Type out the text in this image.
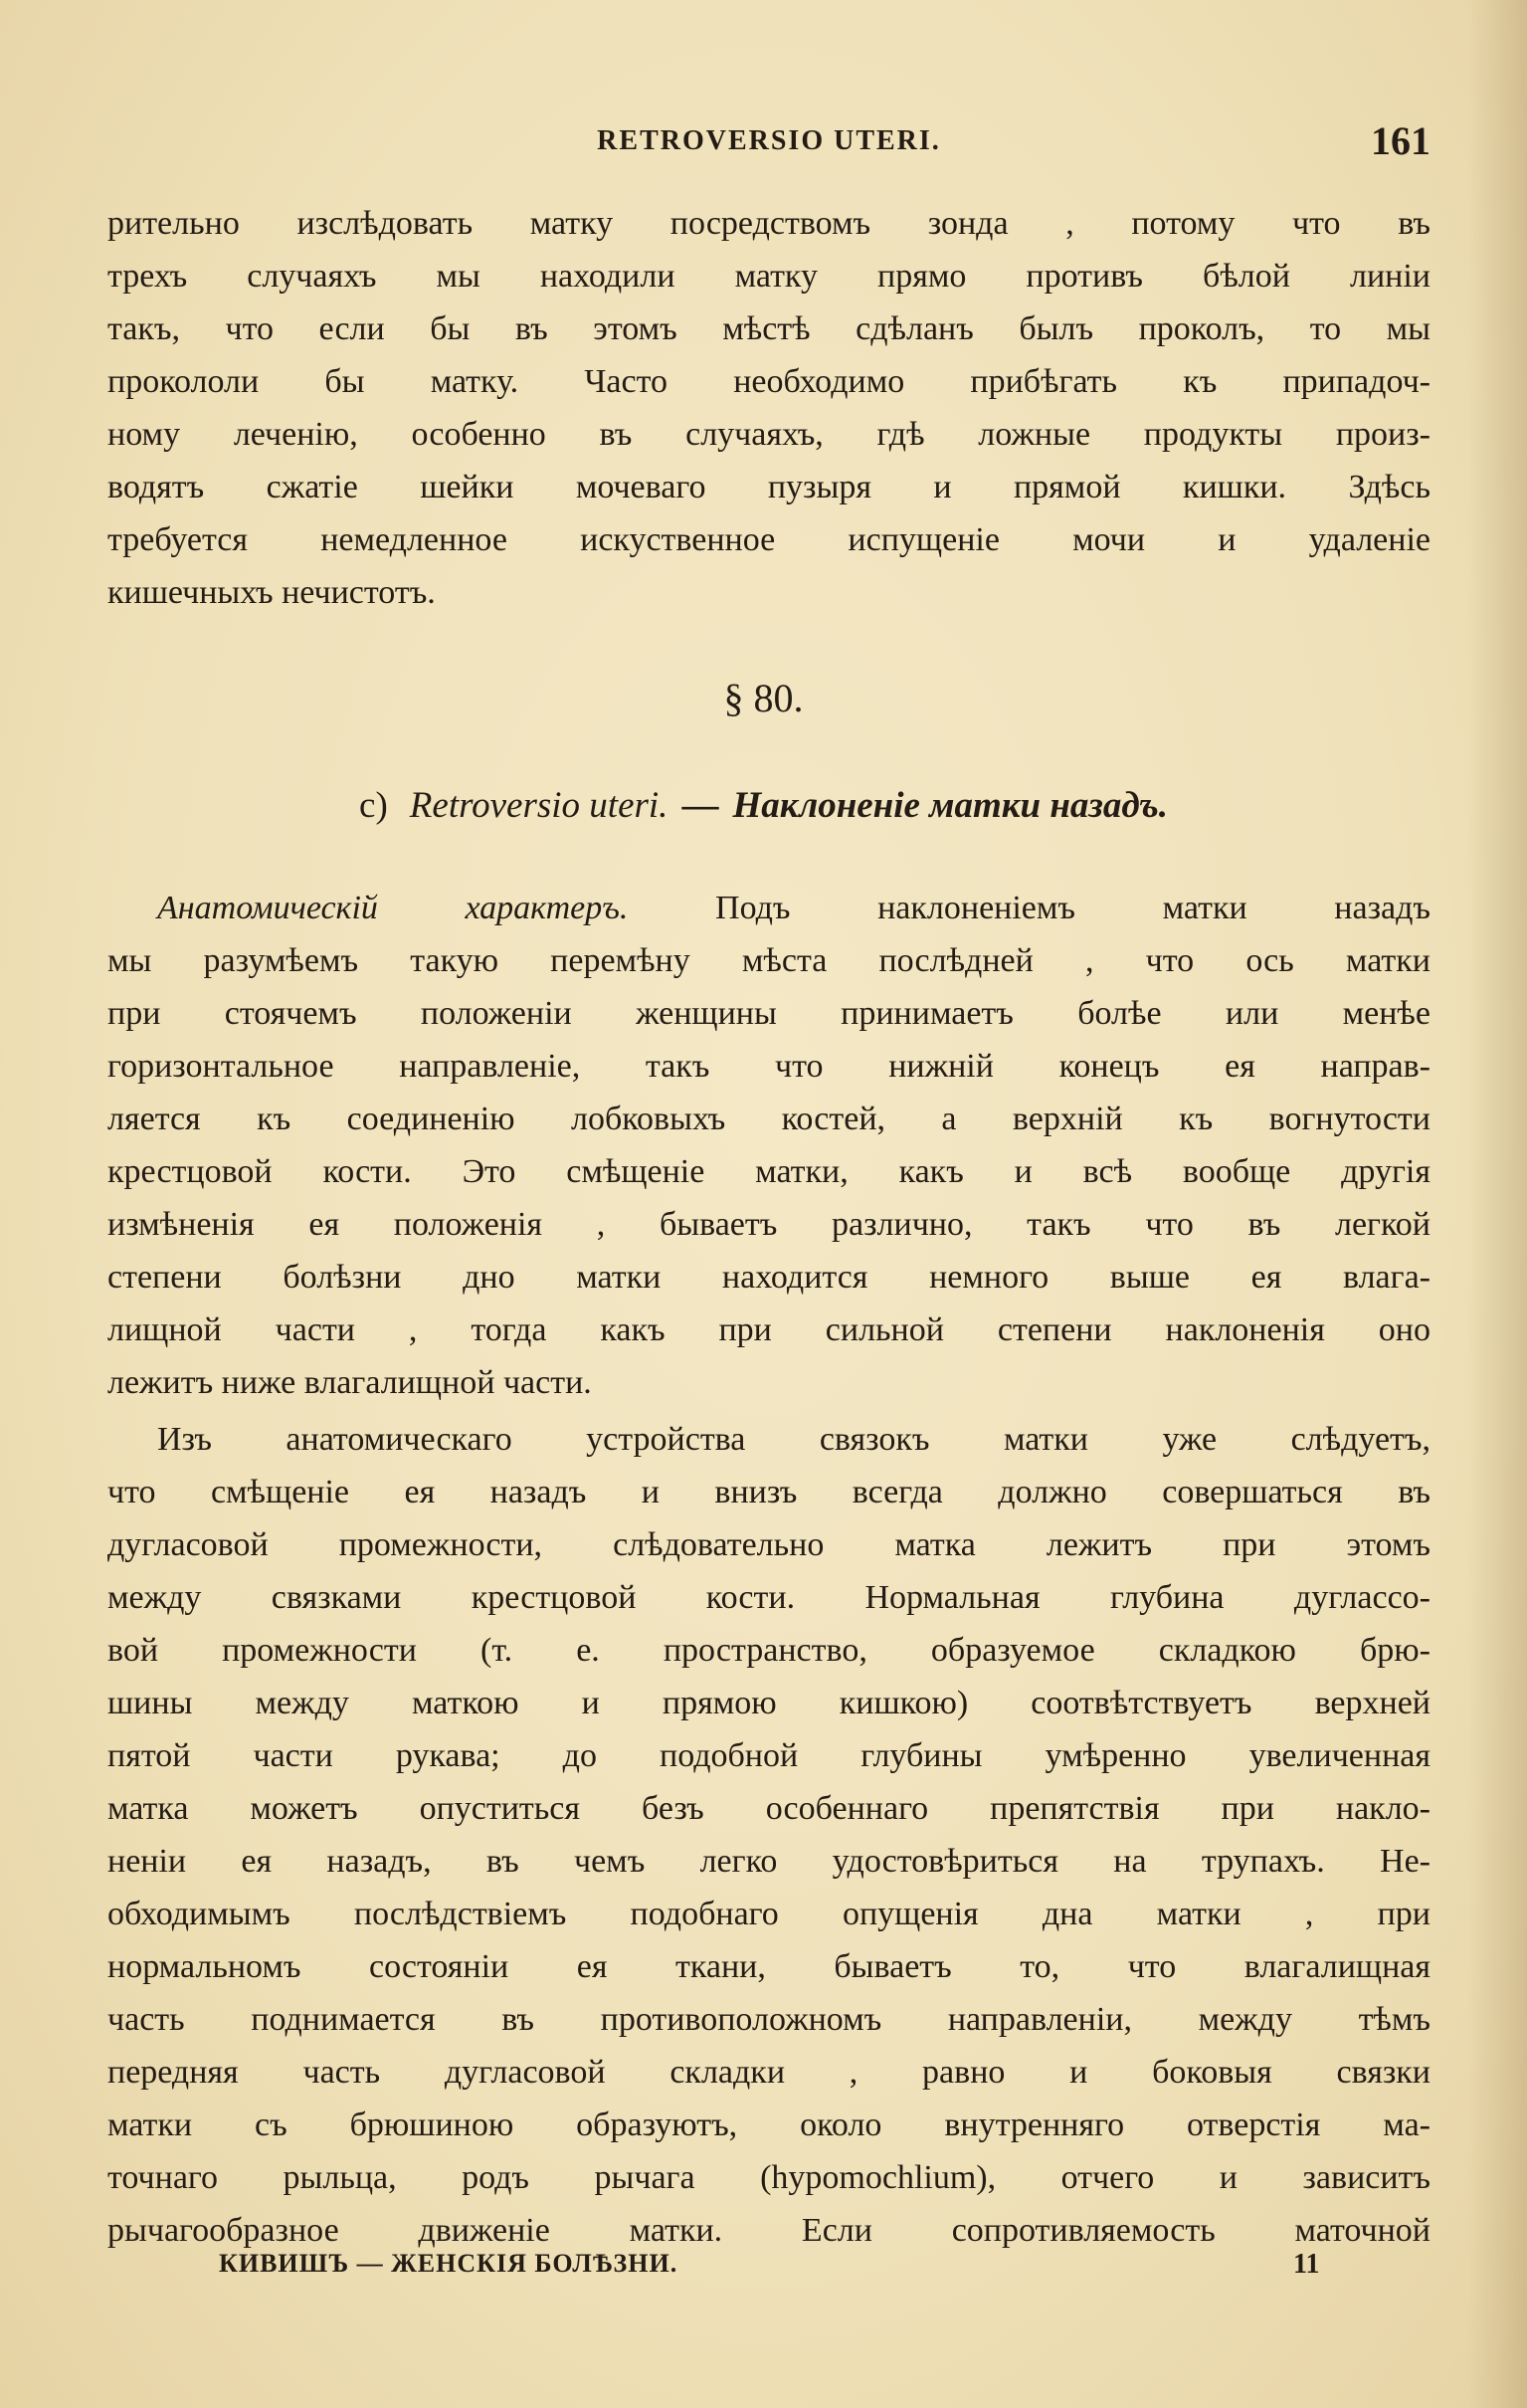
RETROVERSIO UTERI.	161
рительно изслѣдовать матку посредствомъ зонда , потому что въ
трехъ случаяхъ мы находили матку прямо противъ бѣлой линіи
такъ, что если бы въ этомъ мѣстѣ сдѣланъ былъ проколъ, то мы
прокололи бы матку. Часто необходимо прибѣгать къ припадоч-
ному леченію, особенно въ случаяхъ, гдѣ ложные продукты произ-
водятъ сжатіе шейки мочеваго пузыря и прямой кишки. Здѣсь
требуется немедленное искуственное испущеніе мочи и удаленіе
кишечныхъ нечистотъ.
§ 80.
c) Retroversio uteri. — Наклоненіе матки назадъ.
Анатомическій характеръ. Подъ наклоненіемъ матки назадъ
мы разумѣемъ такую перемѣну мѣста послѣдней , что ось матки
при стоячемъ положеніи женщины принимаетъ болѣе или менѣе
горизонтальное направленіе, такъ что нижній конецъ ея направ-
ляется къ соединенію лобковыхъ костей, а верхній къ вогнутости
крестцовой кости. Это смѣщеніе матки, какъ и всѣ вообще другія
измѣненія ея положенія , бываетъ различно, такъ что въ легкой
степени болѣзни дно матки находится немного выше ея влага-
лищной части , тогда какъ при сильной степени наклоненія оно
лежитъ ниже влагалищной части.
Изъ анатомическаго устройства связокъ матки уже слѣдуетъ,
что смѣщеніе ея назадъ и внизъ всегда должно совершаться въ
дугласовой промежности, слѣдовательно матка лежитъ при этомъ
между связками крестцовой кости. Нормальная глубина дуглассо-
вой промежности (т. е. пространство, образуемое складкою брю-
шины между маткою и прямою кишкою) соотвѣтствуетъ верхней
пятой части рукава; до подобной глубины умѣренно увеличенная
матка можетъ опуститься безъ особеннаго препятствія при накло-
неніи ея назадъ, въ чемъ легко удостовѣриться на трупахъ. Не-
обходимымъ послѣдствіемъ подобнаго опущенія дна матки , при
нормальномъ состояніи ея ткани, бываетъ то, что влагалищная
часть поднимается въ противоположномъ направленіи, между тѣмъ
передняя часть дугласовой складки , равно и боковыя связки
матки съ брюшиною образуютъ, около внутренняго отверстія ма-
точнаго рыльца, родъ рычага (hypomochlium), отчего и зависитъ
рычагообразное движеніе матки. Если сопротивляемость маточной
КИВИШЪ — ЖЕНСКІЯ БОЛѢЗНИ.	11
